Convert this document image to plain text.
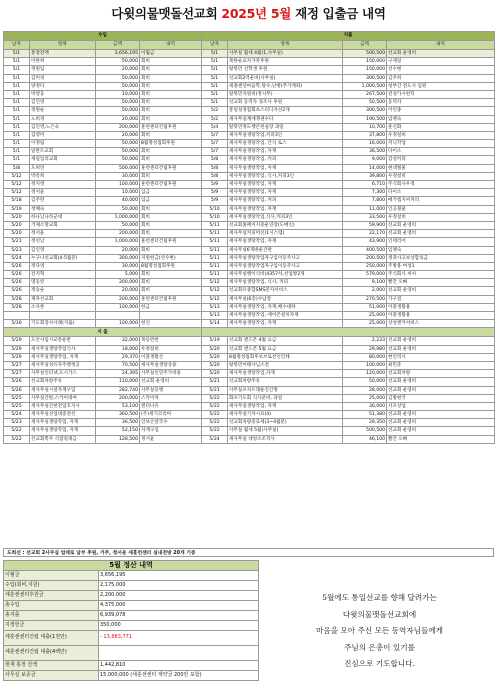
다윗의물맷돌선교회 2025년 5월 재정 입출금 내역
수입				지출			
날자	항목	금액	내역	날자	항목	금액	내역
5/1	통장잔액	3,656,195	이월금	5/1	사무실 월세 4월(1,사무실)	500,500	선교회 운영비
5/1	이한희	50,000	회비	5/1	북한순교자가족후원	150,000	구제일
5/1	정원입	20,000	회비	5/1	탈북민 신학생 후원	150,000	선수변
5/1	김미경	50,000	회비	5/1	선교회2억운비(사무실)	300,500	김주희
5/1	양정다	50,000	회비	5/1	세종센연마음학,탕수,난방(추가계좌)	1,000,500	청부간 전도사 입원
5/1	박영웅	10,000	회비	5/1	탈북민지원비(정사무)	267,500	전성가시헌티
5/1	김인영	50,000	회비	5/1	선교회 동역자 경조사 후원	50,500	동역자
5/1	정원순	50,000	회비	5/2	통일성경집회초스터디자선2개	300,500	이린종
5/1	노희경	20,000	회비	5/2	세사무실계에쟁권수다	190,500	임맹숙
5/1	김인영,노은숙	200,000	훈련센터건립후원	5/4	탈북민정도행콘헌실장 과일	10,700	훈신화
5/1	김영미	20,000	회비	5/7	세사무실생탕작업,커피3인	37,800	우정설비
5/1	이정림	50,000	8월명성집회후원	5/7	세사무실생탕작업, 간식 토스	16,000	저닉작업
5/1	달반트교회	50,000	회비	5/7	세사무실생탕작업, 자재	36,500	다이소
5/1	세일업리교회	50,000	회비	5/8	세사무실생탕작업, 커피	9,000	감성커피
5/8	도희연	500,000	훈련센터건립후원	5/8	세사무실생탕작업, 자재	14,000	현대철물
5/12	박옥희	30,000	회비	5/8	세사무실생탕작업, 식사,커피3인	39,800	우정설비
5/12	정지영	100,000	훈련센터건립후원	5/9	세사무실생탕작업, 자재	6,710	주식회사우정
5/12	정서윤	10,000	입금	5/9	세사무실생탕작업, 자재	7,300	다이소
5/18	김주란	40,000	입금	5/9	세사무실생탕작업, 커피	7,800	메가엠지씨커피
5/19	정혜숙	50,000	회비	5/10	세사무실생탕작업, 자재	11,000	인공철물
5/20	하나님나라군대	1,000,000	회비	5/10	세사무실생탕작업,식사,커피3인	33,500	우정설비
5/20	거제소망교회	50,000	회비	5/11	선교회홈페이지중운연장(도메인)	59,900	선교회 운영비
5/20	정서윤	200,000	회비	5/11	세사무실커피머신(1시스템)	22,170	선교회 운영비
5/21	정선남	1,000,000	훈련센터건립후원	5/11	세사무실생탕작업, 자재	43,900	인테리어
5/23	김인영	20,000	회비	5/11	세사무실6개방운간판	400,500	임맹숙
5/24	누구나선교회(4-5월분)	300,000	지원헌금(선수변)	5/11	세사무실생탕작업자구입이동주사고	200,500	정축사고보상합의금
5/26	정다영	30,000	8월명성집회후원	5/11	세사무실생탕작업자구입이동주사고	250,000	주방용 여성1
5/26	전지혁	5,000	회비	5/11	세사무실행이식비(4357차,선업방2개	579,000	주식회사 씨씨
5/26	명동빈	200,000	회비	5/12	세사무실생탕작업, 식사, 커피	9,100	빨간 오빠
5/26	정승순	20,000	회비	5/12	선교회유종합SMS문자서비스	2,000	선교회 운영비
5/28	제파선교회	200,000	훈련센터건립후원	5/12	세사무실(6층)수납장	270,500	가구점
5/28	소사론	100,000	한금	5/13	세사무실생탕작업, 자재,배수대하	51,000	이플생활용
				5/13	세사무실생탕작업, 에어콘설치자재	25,000	이플생활용
5/30	기도회장사사례(지출)	100,000	헌신	5/14	세사무실생탕작업, 자재	25,000	상성센카서비스
지 출							
5/29	도안사임시교통운반	32,000	목등반찬	5/19	선교회 앤드폰 4월 요금	2,233	선교회 운영비
5/29	세사무실생탕작업식사	18,000	우정설비	5/20	선교회 앤드폰 5월 요금	29,980	선교회 운영비
5/29	세사무실생탕작업, 자재	29,370	이플생활산	5/20	8월명성집회후보브로전인인쇄	80,000	현인역사
5/27	세사무실성유자주행정공	70,500	세사무실생탕상용	5/20	탈북민이태사님소전	100,000	최민준
5/27	사무실인터넷,도시가스	24,395	사무실인연주가비용	5/20	세사무실생탕작업,자재	120,000	선교회차량
5/26	선교회차량주유	110,000	선교회 운영비	5/21	선교회차량주유	50,000	선교회 운영비
5/26	세사무실시설자재구입	282,740	사무실동행	5/21	사무실포치트래운진간명	28,000	선교회 운영비
5/25	사무실간판,스카이대여	200,000	스카이차	5/22	화포기도회 식사준비, 과일	25,000	김방현국
5/25	세사무실간판전업호지사	53,100	엔터나유	5/22	세사무실생탕작업, 자재	30,000	서포상업
5/24	세사무실선업대중전선	360,500	(주)세기코리아	5/22	세사무실기자시료(4)	51,380	선교회 운영비
5/23	세사무실생탕작업, 자재	36,500	인보손알국수	5/22	선교회차량중료세(3~4월분)	29,350	선교회 운영비
5/22	세사무실생탕작업, 자재	52,150	자재구입	5/22	사무실 월세 5월(사무실)	500,500	선교회 운영비
5/22	선교회쪽주 식잡길대금	128,500	정서윤	5/24	세사무실 대청소조직사	46,100	빨간 오빠
도희선 : 선교회 2사무실 업데로 납부 후원, 거주, 청서운 세훈런센터 실내전방 20개 기증
5월 정산 내역	
이월금	3,656,195
수입(회비,지원)	2,175,000
세훈센센터후원금	2,200,000
총수입	4,375,000
총지출	6,939,078
지정헌금	350,000
세훈센센터건립 대출(1천만)	- 13,883,771
세훈센센터건립 대출(4백만)	
현재 통장 잔액	1,442,810
사무실 보증금	15,000,000 (세훈센센터 계약금 200만 포함)
5월에도 통일선교를 향해 달려가는
다윗의물맷돌선교회에
마음을 모아 주신 모든 동역자님들에게
주님의 은총이 있기를
진심으로 기도합니다.
